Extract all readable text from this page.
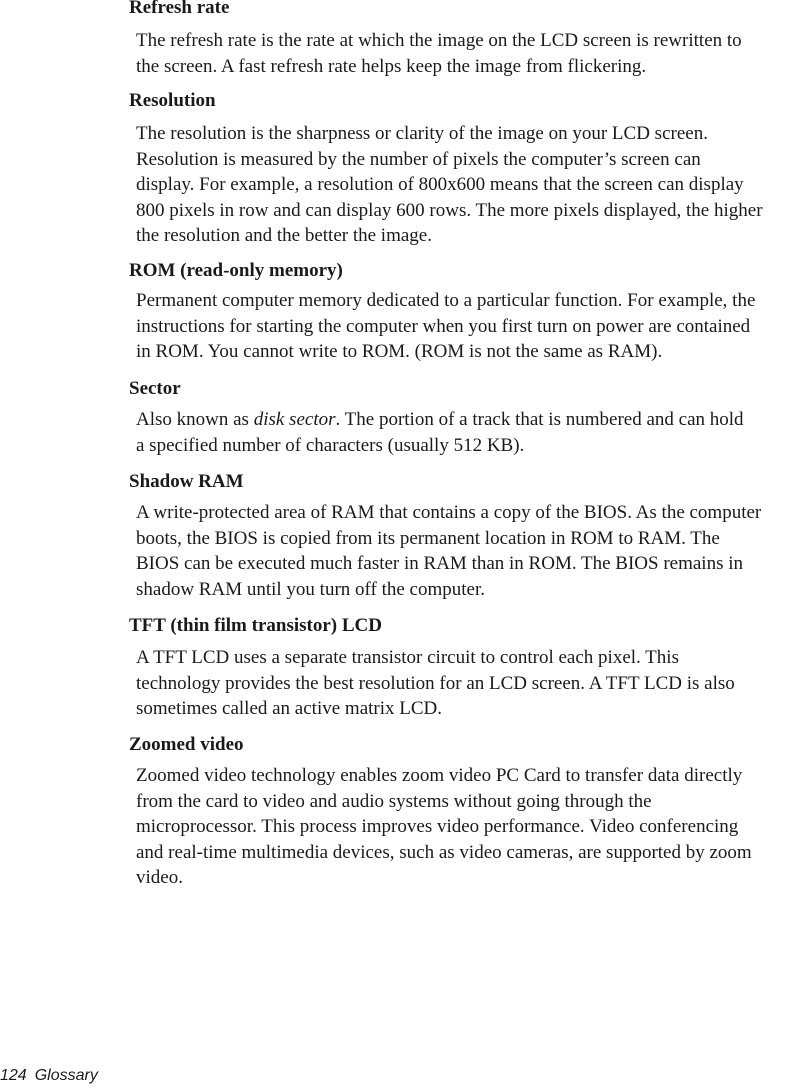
Refresh rate
The refresh rate is the rate at which the image on the LCD screen is rewritten to
the screen. A fast refresh rate helps keep the image from flickering.
Resolution
The resolution is the sharpness or clarity of the image on your LCD screen.
Resolution is measured by the number of pixels the computer’s screen can
display. For example, a resolution of 800x600 means that the screen can display
800 pixels in row and can display 600 rows. The more pixels displayed, the higher
the resolution and the better the image.
ROM (read-only memory)
Permanent computer memory dedicated to a particular function. For example, the
instructions for starting the computer when you first turn on power are contained
in ROM. You cannot write to ROM. (ROM is not the same as RAM).
Sector
Also known as disk sector. The portion of a track that is numbered and can hold
a specified number of characters (usually 512 KB).
Shadow RAM
A write-protected area of RAM that contains a copy of the BIOS. As the computer
boots, the BIOS is copied from its permanent location in ROM to RAM. The
BIOS can be executed much faster in RAM than in ROM. The BIOS remains in
shadow RAM until you turn off the computer.
TFT (thin film transistor) LCD
A TFT LCD uses a separate transistor circuit to control each pixel. This
technology provides the best resolution for an LCD screen. A TFT LCD is also
sometimes called an active matrix LCD.
Zoomed video
Zoomed video technology enables zoom video PC Card to transfer data directly
from the card to video and audio systems without going through the
microprocessor. This process improves video performance. Video conferencing
and real-time multimedia devices, such as video cameras, are supported by zoom
video.
124 Glossary
